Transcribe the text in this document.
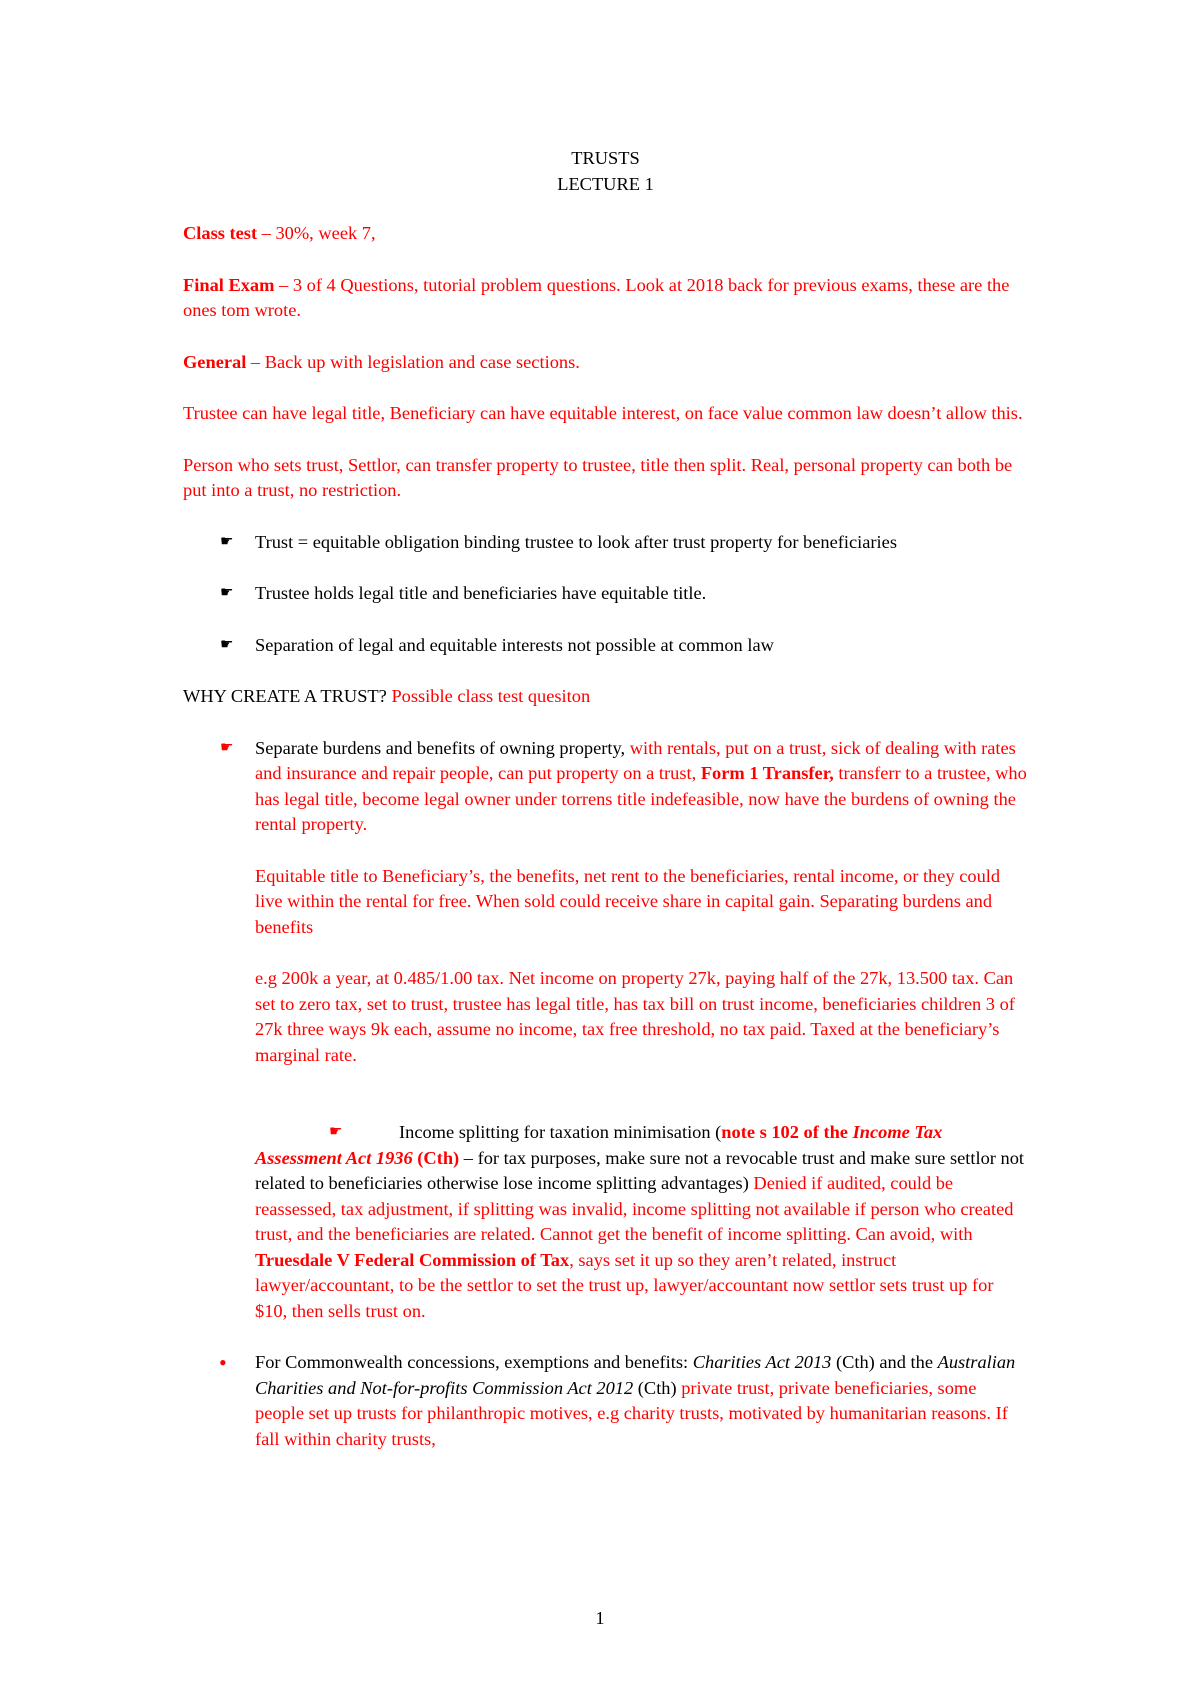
TRUSTS
LECTURE 1

Class test – 30%, week 7,

Final Exam – 3 of 4 Questions, tutorial problem questions. Look at 2018 back for previous exams, these are the ones tom wrote.

General – Back up with legislation and case sections.

Trustee can have legal title, Beneficiary can have equitable interest, on face value common law doesn’t allow this.

Person who sets trust, Settlor, can transfer property to trustee, title then split. Real, personal property can both be put into a trust, no restriction.

☛ Trust = equitable obligation binding trustee to look after trust property for beneficiaries
☛ Trustee holds legal title and beneficiaries have equitable title.
☛ Separation of legal and equitable interests not possible at common law

WHY CREATE A TRUST? Possible class test quesiton

☛ Separate burdens and benefits of owning property, with rentals, put on a trust, sick of dealing with rates and insurance and repair people, can put property on a trust, Form 1 Transfer, transferr to a trustee, who has legal title, become legal owner under torrens title indefeasible, now have the burdens of owning the rental property.

Equitable title to Beneficiary’s, the benefits, net rent to the beneficiaries, rental income, or they could live within the rental for free. When sold could receive share in capital gain. Separating burdens and benefits

e.g 200k a year, at 0.485/1.00 tax. Net income on property 27k, paying half of the 27k, 13.500 tax. Can set to zero tax, set to trust, trustee has legal title, has tax bill on trust income, beneficiaries children 3 of 27k three ways 9k each, assume no income, tax free threshold, no tax paid. Taxed at the beneficiary’s marginal rate.

☛	Income splitting for taxation minimisation (note s 102 of the Income Tax Assessment Act 1936 (Cth) – for tax purposes, make sure not a revocable trust and make sure settlor not related to beneficiaries otherwise lose income splitting advantages) Denied if audited, could be reassessed, tax adjustment, if splitting was invalid, income splitting not available if person who created trust, and the beneficiaries are related. Cannot get the benefit of income splitting. Can avoid, with Truesdale V Federal Commission of Tax, says set it up so they aren’t related, instruct lawyer/accountant, to be the settlor to set the trust up, lawyer/accountant now settlor sets trust up for $10, then sells trust on.
• For Commonwealth concessions, exemptions and benefits: Charities Act 2013 (Cth) and the Australian Charities and Not-for-profits Commission Act 2012 (Cth) private trust, private beneficiaries, some people set up trusts for philanthropic motives, e.g charity trusts, motivated by humanitarian reasons. If fall within charity trusts,
1
